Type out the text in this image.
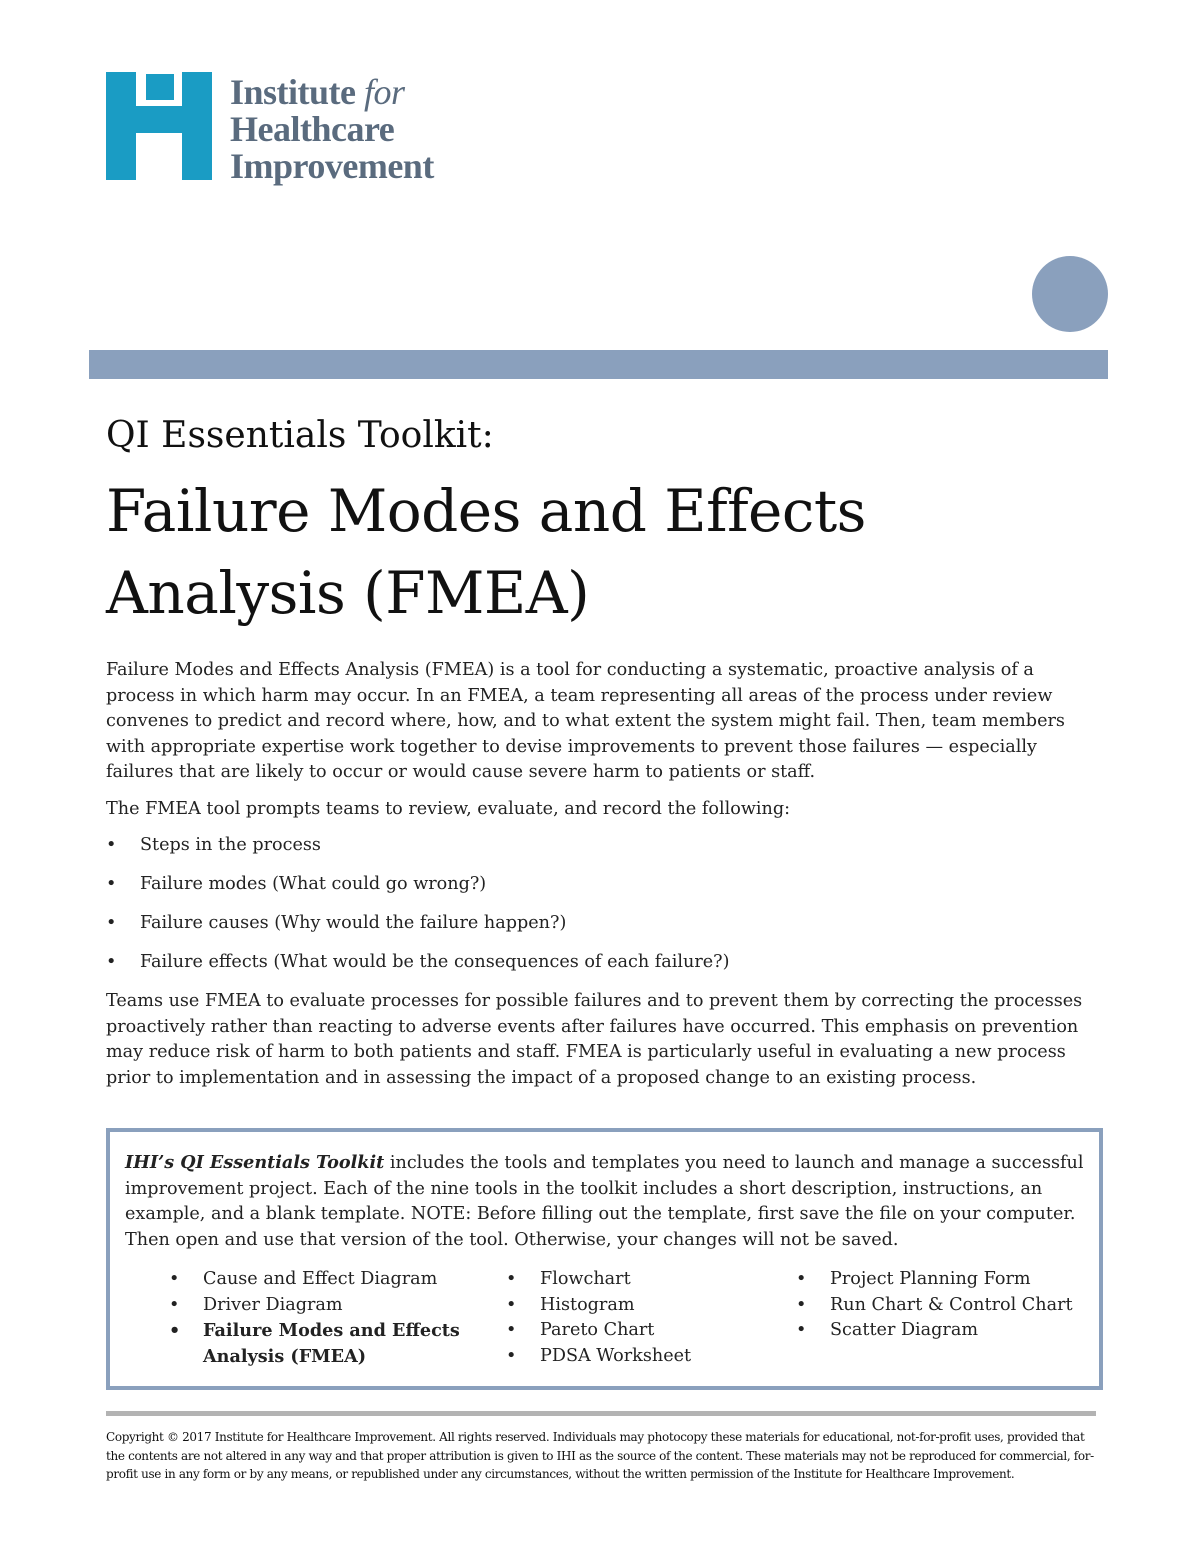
Institute for
Healthcare
Improvement
QI Essentials Toolkit:
Failure Modes and Effects Analysis (FMEA)

Failure Modes and Effects Analysis (FMEA) is a tool for conducting a systematic, proactive analysis of a process in which harm may occur. In an FMEA, a team representing all areas of the process under review convenes to predict and record where, how, and to what extent the system might fail. Then, team members with appropriate expertise work together to devise improvements to prevent those failures — especially failures that are likely to occur or would cause severe harm to patients or staff.

The FMEA tool prompts teams to review, evaluate, and record the following:

• Steps in the process
• Failure modes (What could go wrong?)
• Failure causes (Why would the failure happen?)
• Failure effects (What would be the consequences of each failure?)

Teams use FMEA to evaluate processes for possible failures and to prevent them by correcting the processes proactively rather than reacting to adverse events after failures have occurred. This emphasis on prevention may reduce risk of harm to both patients and staff. FMEA is particularly useful in evaluating a new process prior to implementation and in assessing the impact of a proposed change to an existing process.

IHI’s QI Essentials Toolkit includes the tools and templates you need to launch and manage a successful improvement project. Each of the nine tools in the toolkit includes a short description, instructions, an example, and a blank template. NOTE: Before filling out the template, first save the file on your computer. Then open and use that version of the tool. Otherwise, your changes will not be saved.

• Cause and Effect Diagram
• Driver Diagram
• Failure Modes and Effects Analysis (FMEA)
• Flowchart
• Histogram
• Pareto Chart
• PDSA Worksheet
• Project Planning Form
• Run Chart & Control Chart
• Scatter Diagram
Copyright © 2017 Institute for Healthcare Improvement. All rights reserved. Individuals may photocopy these materials for educational, not-for-profit uses, provided that the contents are not altered in any way and that proper attribution is given to IHI as the source of the content. These materials may not be reproduced for commercial, for-profit use in any form or by any means, or republished under any circumstances, without the written permission of the Institute for Healthcare Improvement.
